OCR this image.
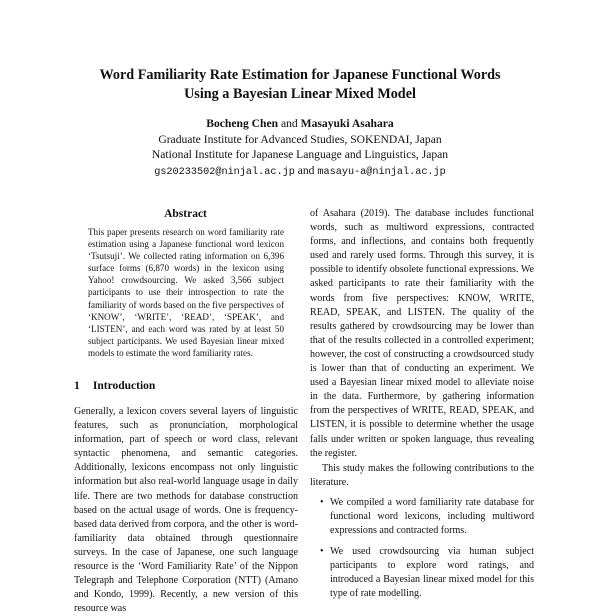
Word Familiarity Rate Estimation for Japanese Functional Words
Using a Bayesian Linear Mixed Model
Bocheng Chen and Masayuki Asahara
Graduate Institute for Advanced Studies, SOKENDAI, Japan
National Institute for Japanese Language and Linguistics, Japan
gs20233502@ninjal.ac.jp and masayu-a@ninjal.ac.jp
Abstract
This paper presents research on word familiarity rate estimation using a Japanese functional word lexicon ‘Tsutsuji’. We collected rating information on 6,396 surface forms (6,870 words) in the lexicon using Yahoo! crowdsourcing. We asked 3,566 subject participants to use their introspection to rate the familiarity of words based on the five perspectives of ‘KNOW’, ‘WRITE’, ‘READ’, ‘SPEAK’, and ‘LISTEN’, and each word was rated by at least 50 subject participants. We used Bayesian linear mixed models to estimate the word familiarity rates.
1 Introduction

Generally, a lexicon covers several layers of linguistic features, such as pronunciation, morphological information, part of speech or word class, relevant syntactic phenomena, and semantic categories. Additionally, lexicons encompass not only linguistic information but also real-world language usage in daily life. There are two methods for database construction based on the actual usage of words. One is frequency-based data derived from corpora, and the other is word-familiarity data obtained through questionnaire surveys. In the case of Japanese, one such language resource is the ‘Word Familiarity Rate’ of the Nippon Telegraph and Telephone Corporation (NTT) (Amano and Kondo, 1999). Recently, a new version of this resource was

of Asahara (2019). The database includes functional words, such as multiword expressions, contracted forms, and inflections, and contains both frequently used and rarely used forms. Through this survey, it is possible to identify obsolete functional expressions. We asked participants to rate their familiarity with the words from five perspectives: KNOW, WRITE, READ, SPEAK, and LISTEN. The quality of the results gathered by crowdsourcing may be lower than that of the results collected in a controlled experiment; however, the cost of constructing a crowdsourced study is lower than that of conducting an experiment. We used a Bayesian linear mixed model to alleviate noise in the data. Furthermore, by gathering information from the perspectives of WRITE, READ, SPEAK, and LISTEN, it is possible to determine whether the usage falls under written or spoken language, thus revealing the register.

This study makes the following contributions to the literature.

• We compiled a word familiarity rate database for functional word lexicons, including multiword expressions and contracted forms.
• We used crowdsourcing via human subject participants to explore word ratings, and introduced a Bayesian linear mixed model for this type of rate modelling.
